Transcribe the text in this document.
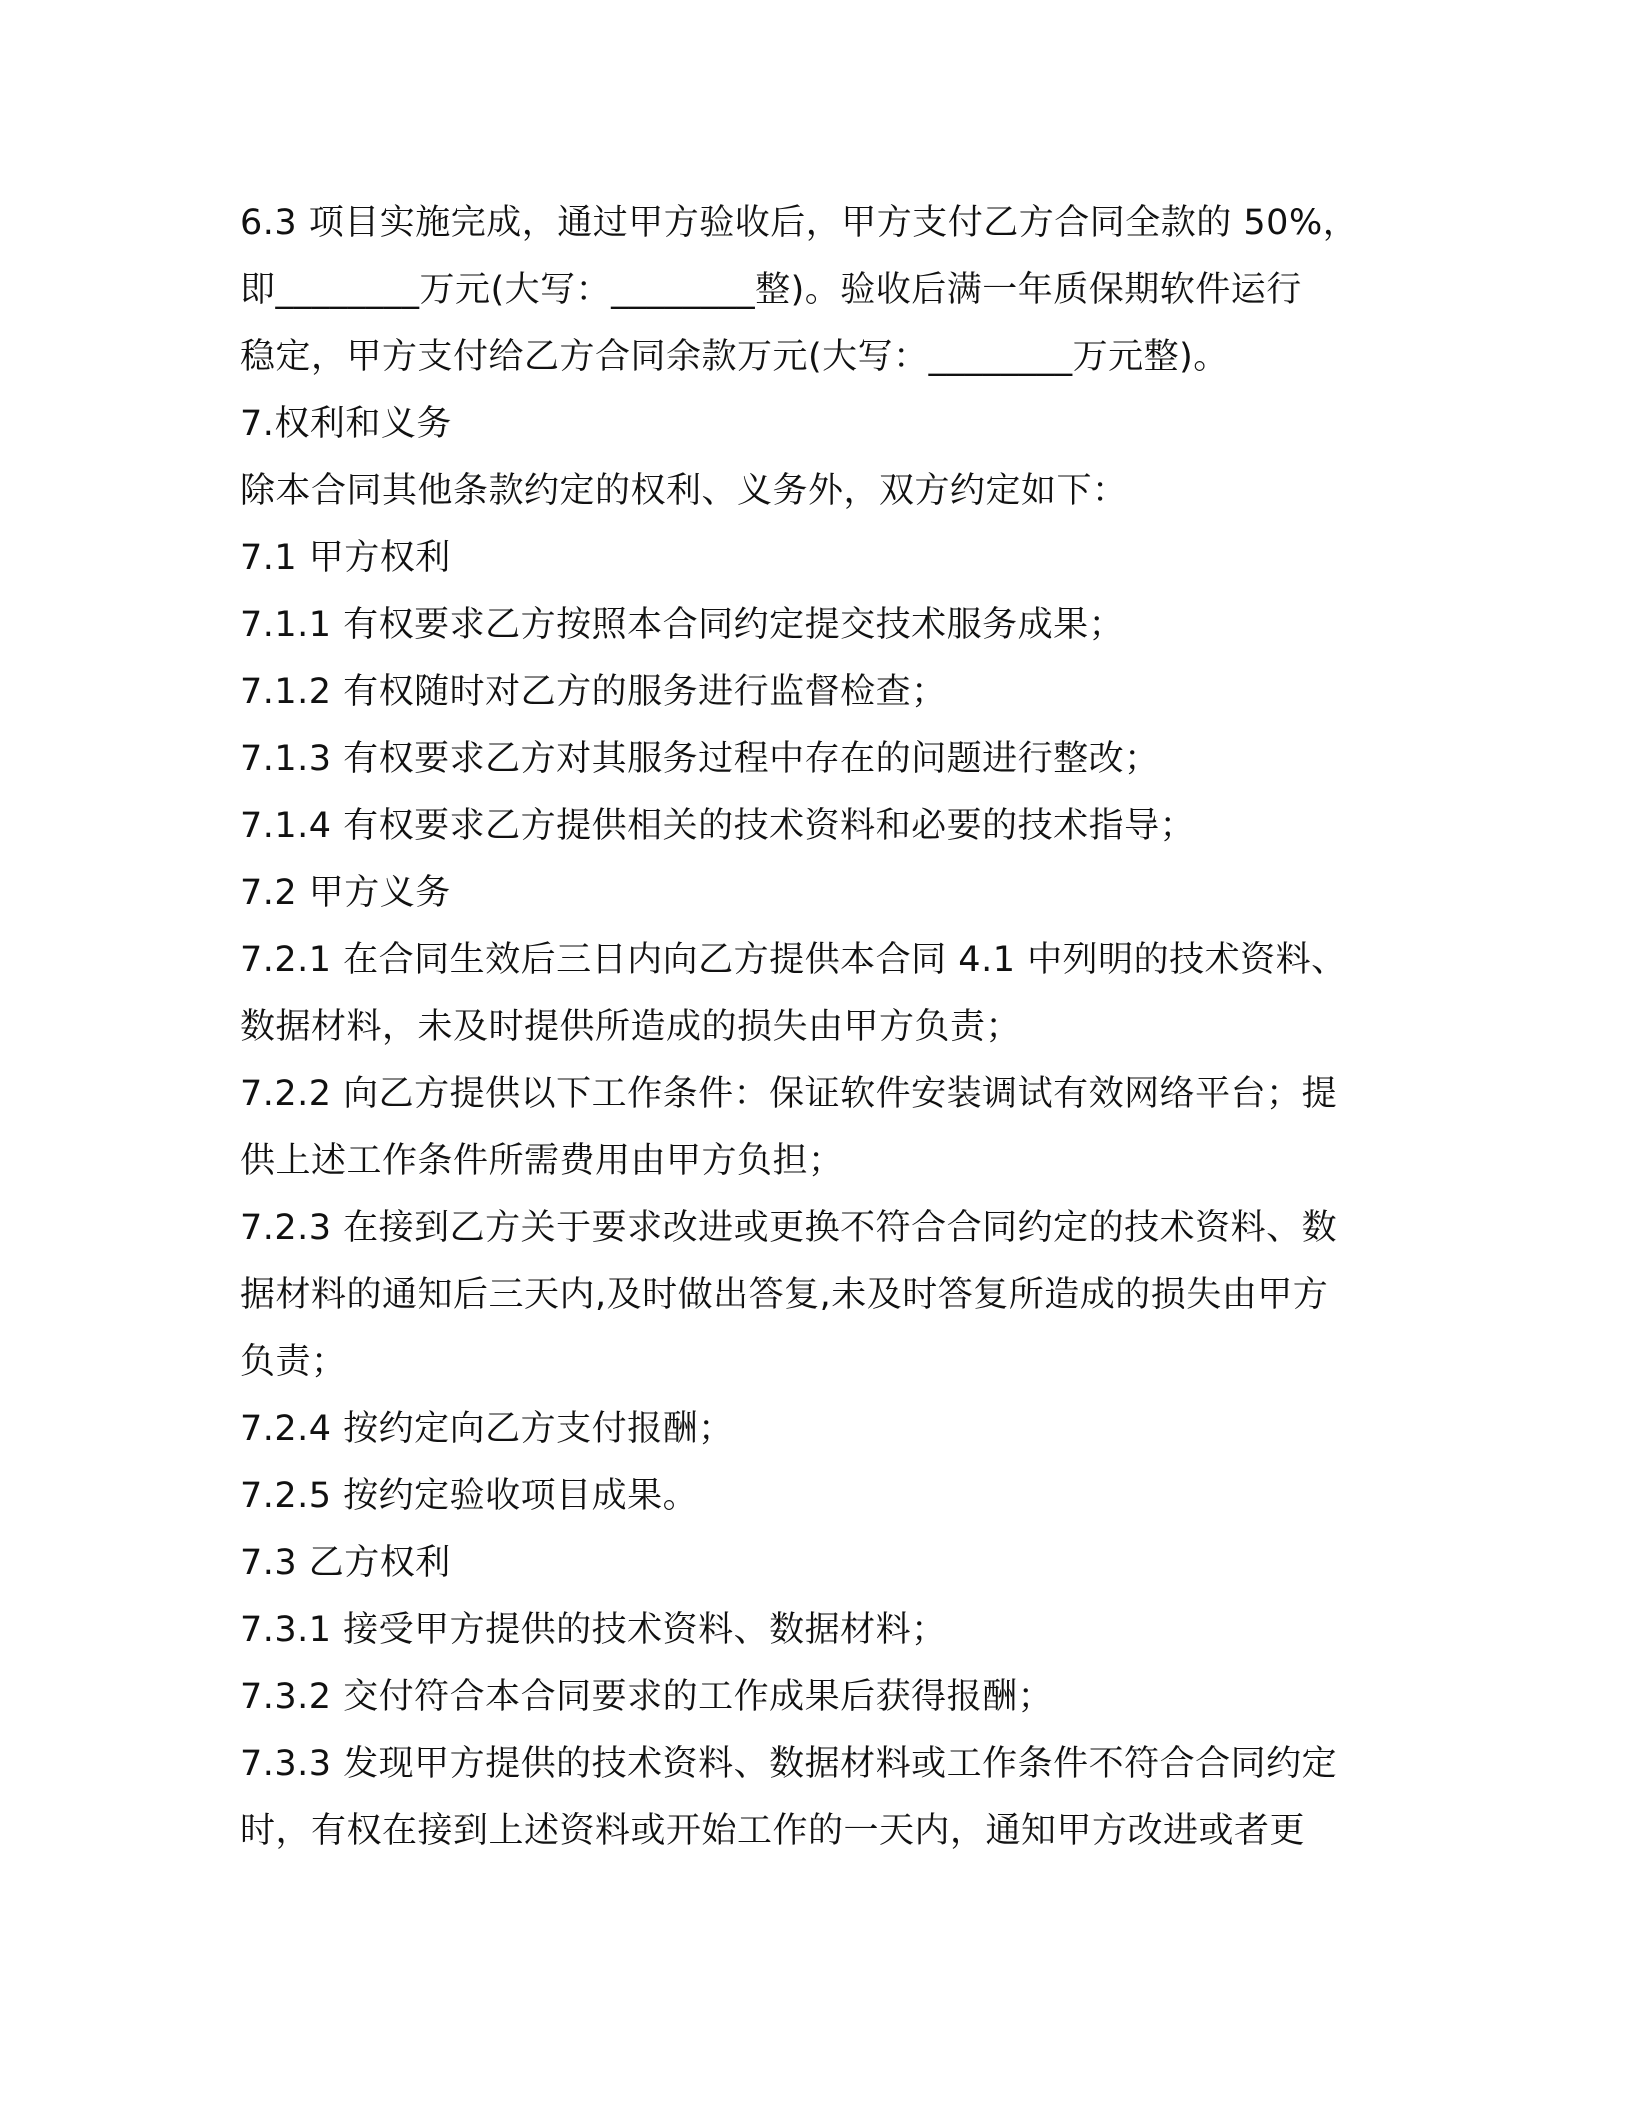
6.3 项目实施完成，通过甲方验收后，甲方支付乙方合同全款的 50%，
即________万元(大写：________整)。验收后满一年质保期软件运行
稳定，甲方支付给乙方合同余款万元(大写：________万元整)。
7.权利和义务
除本合同其他条款约定的权利、义务外，双方约定如下：
7.1 甲方权利
7.1.1 有权要求乙方按照本合同约定提交技术服务成果；
7.1.2 有权随时对乙方的服务进行监督检查；
7.1.3 有权要求乙方对其服务过程中存在的问题进行整改；
7.1.4 有权要求乙方提供相关的技术资料和必要的技术指导；
7.2 甲方义务
7.2.1 在合同生效后三日内向乙方提供本合同 4.1 中列明的技术资料、
数据材料，未及时提供所造成的损失由甲方负责；
7.2.2 向乙方提供以下工作条件：保证软件安装调试有效网络平台；提
供上述工作条件所需费用由甲方负担；
7.2.3 在接到乙方关于要求改进或更换不符合合同约定的技术资料、数
据材料的通知后三天内,及时做出答复,未及时答复所造成的损失由甲方
负责；
7.2.4 按约定向乙方支付报酬；
7.2.5 按约定验收项目成果。
7.3 乙方权利
7.3.1 接受甲方提供的技术资料、数据材料；
7.3.2 交付符合本合同要求的工作成果后获得报酬；
7.3.3 发现甲方提供的技术资料、数据材料或工作条件不符合合同约定
时，有权在接到上述资料或开始工作的一天内，通知甲方改进或者更
